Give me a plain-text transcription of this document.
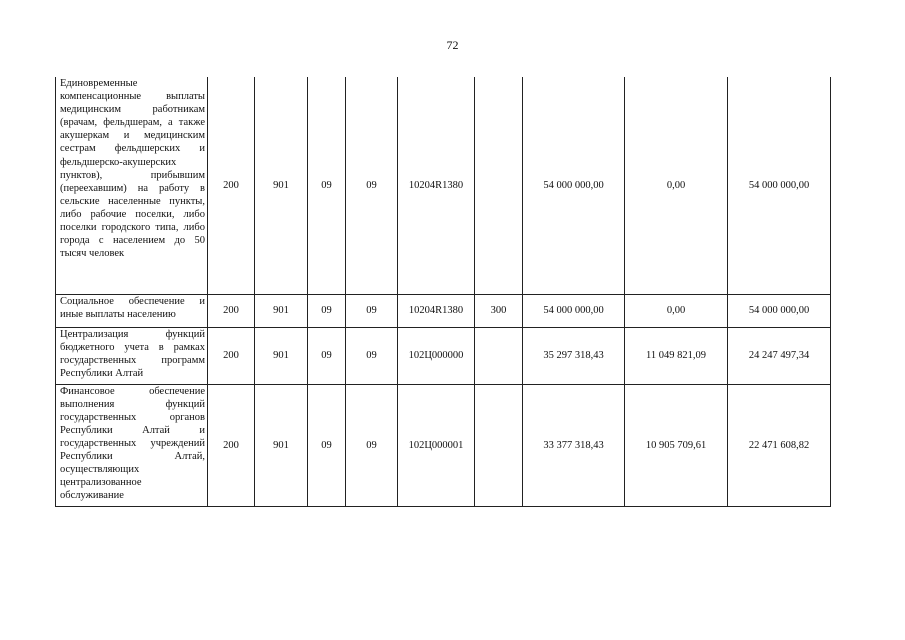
72
Единовременные компенсационные выплаты медицинским работникам (врачам, фельдшерам, а также акушеркам и медицинским сестрам фельдшерских и фельдшерско-акушерских пунктов), прибывшим (переехавшим) на работу в сельские населенные пункты, либо рабочие поселки, либо поселки городского типа, либо города с населением до 50 тысяч человек	200	901	09	09	10204R1380		54 000 000,00	0,00	54 000 000,00
Социальное обеспечение и иные выплаты населению	200	901	09	09	10204R1380	300	54 000 000,00	0,00	54 000 000,00
Централизация функций бюджетного учета в рамках государственных программ Республики Алтай	200	901	09	09	102Ц000000		35 297 318,43	11 049 821,09	24 247 497,34
Финансовое обеспечение выполнения функций государственных органов Республики Алтай и государственных учреждений Республики Алтай, осуществляющих централизованное обслуживание	200	901	09	09	102Ц000001		33 377 318,43	10 905 709,61	22 471 608,82
